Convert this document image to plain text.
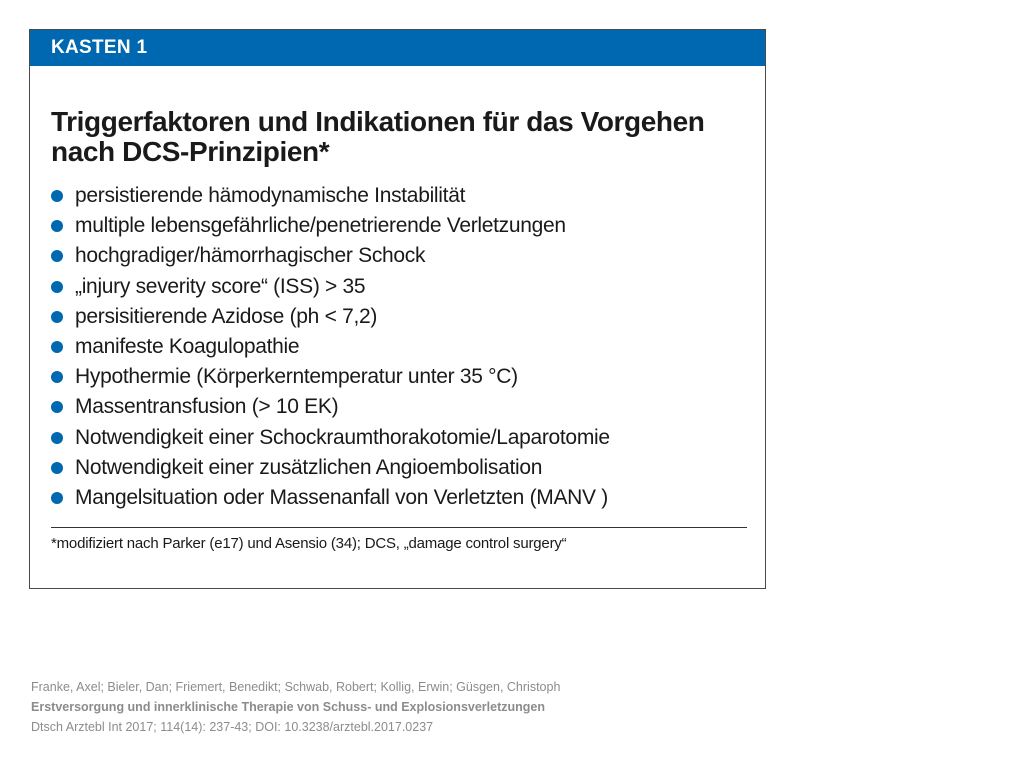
KASTEN 1
Triggerfaktoren und Indikationen für das Vorgehen
nach DCS-Prinzipien*
persistierende hämodynamische Instabilität
multiple lebensgefährliche/penetrierende Verletzungen
hochgradiger/hämorrhagischer Schock
„injury severity score“ (ISS) > 35
persisitierende Azidose (ph < 7,2)
manifeste Koagulopathie
Hypothermie (Körperkerntemperatur unter 35 °C)
Massentransfusion (> 10 EK)
Notwendigkeit einer Schockraumthorakotomie/Laparotomie
Notwendigkeit einer zusätzlichen Angioembolisation
Mangelsituation oder Massenanfall von Verletzten (MANV )
*modifiziert nach Parker (e17) und Asensio (34); DCS, „damage control surgery“
Franke, Axel; Bieler, Dan; Friemert, Benedikt; Schwab, Robert; Kollig, Erwin; Güsgen, Christoph
Erstversorgung und innerklinische Therapie von Schuss- und Explosionsverletzungen
Dtsch Arztebl Int 2017; 114(14): 237-43; DOI: 10.3238/arztebl.2017.0237
